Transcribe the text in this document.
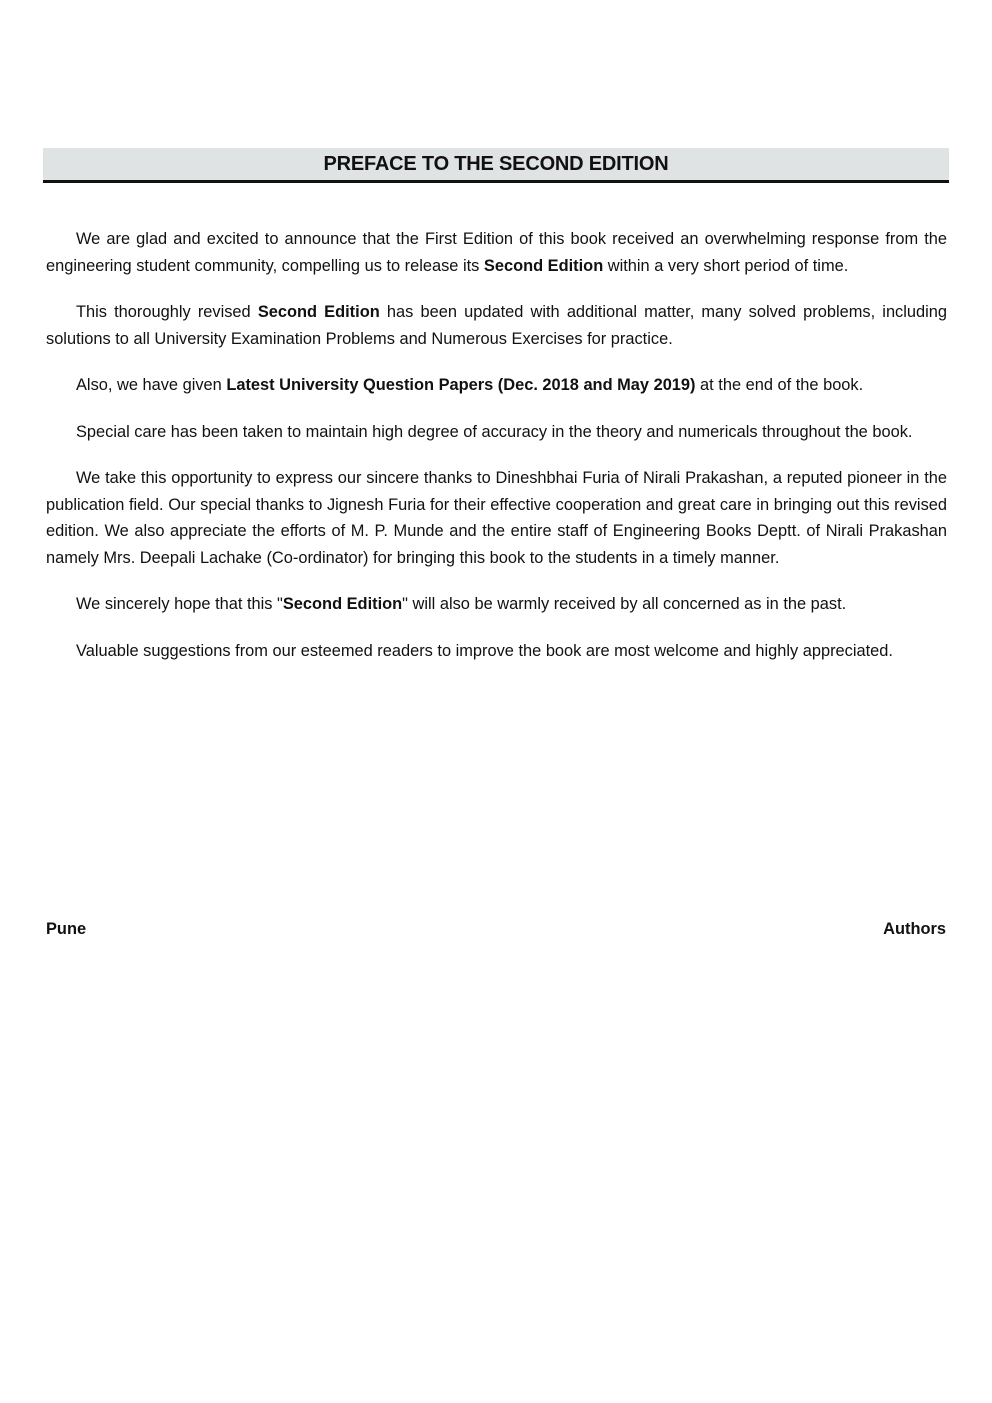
PREFACE TO THE SECOND EDITION

We are glad and excited to announce that the First Edition of this book received an overwhelming response from the engineering student community, compelling us to release its Second Edition within a very short period of time.

This thoroughly revised Second Edition has been updated with additional matter, many solved problems, including solutions to all University Examination Problems and Numerous Exercises for practice.

Also, we have given Latest University Question Papers (Dec. 2018 and May 2019) at the end of the book.

Special care has been taken to maintain high degree of accuracy in the theory and numericals throughout the book.

We take this opportunity to express our sincere thanks to Dineshbhai Furia of Nirali Prakashan, a reputed pioneer in the publication field. Our special thanks to Jignesh Furia for their effective cooperation and great care in bringing out this revised edition. We also appreciate the efforts of M. P. Munde and the entire staff of Engineering Books Deptt. of Nirali Prakashan namely Mrs. Deepali Lachake (Co-ordinator) for bringing this book to the students in a timely manner.

We sincerely hope that this "Second Edition" will also be warmly received by all concerned as in the past.

Valuable suggestions from our esteemed readers to improve the book are most welcome and highly appreciated.

Pune	Authors
